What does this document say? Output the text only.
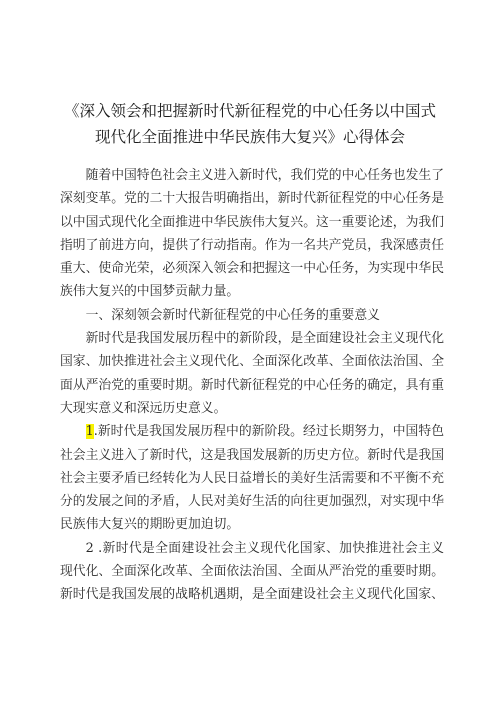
《深入领会和把握新时代新征程党的中心任务以中国式
现代化全面推进中华民族伟大复兴》心得体会

随着中国特色社会主义进入新时代，我们党的中心任务也发生了深刻变革。党的二十大报告明确指出，新时代新征程党的中心任务是以中国式现代化全面推进中华民族伟大复兴。这一重要论述，为我们指明了前进方向，提供了行动指南。作为一名共产党员，我深感责任重大、使命光荣，必须深入领会和把握这一中心任务，为实现中华民族伟大复兴的中国梦贡献力量。

一、深刻领会新时代新征程党的中心任务的重要意义

新时代是我国发展历程中的新阶段，是全面建设社会主义现代化国家、加快推进社会主义现代化、全面深化改革、全面依法治国、全面从严治党的重要时期。新时代新征程党的中心任务的确定，具有重大现实意义和深远历史意义。

1.新时代是我国发展历程中的新阶段。经过长期努力，中国特色社会主义进入了新时代，这是我国发展新的历史方位。新时代是我国社会主要矛盾已经转化为人民日益增长的美好生活需要和不平衡不充分的发展之间的矛盾，人民对美好生活的向往更加强烈，对实现中华民族伟大复兴的期盼更加迫切。

2 .新时代是全面建设社会主义现代化国家、加快推进社会主义现代化、全面深化改革、全面依法治国、全面从严治党的重要时期。新时代是我国发展的战略机遇期，是全面建设社会主义现代化国家、
